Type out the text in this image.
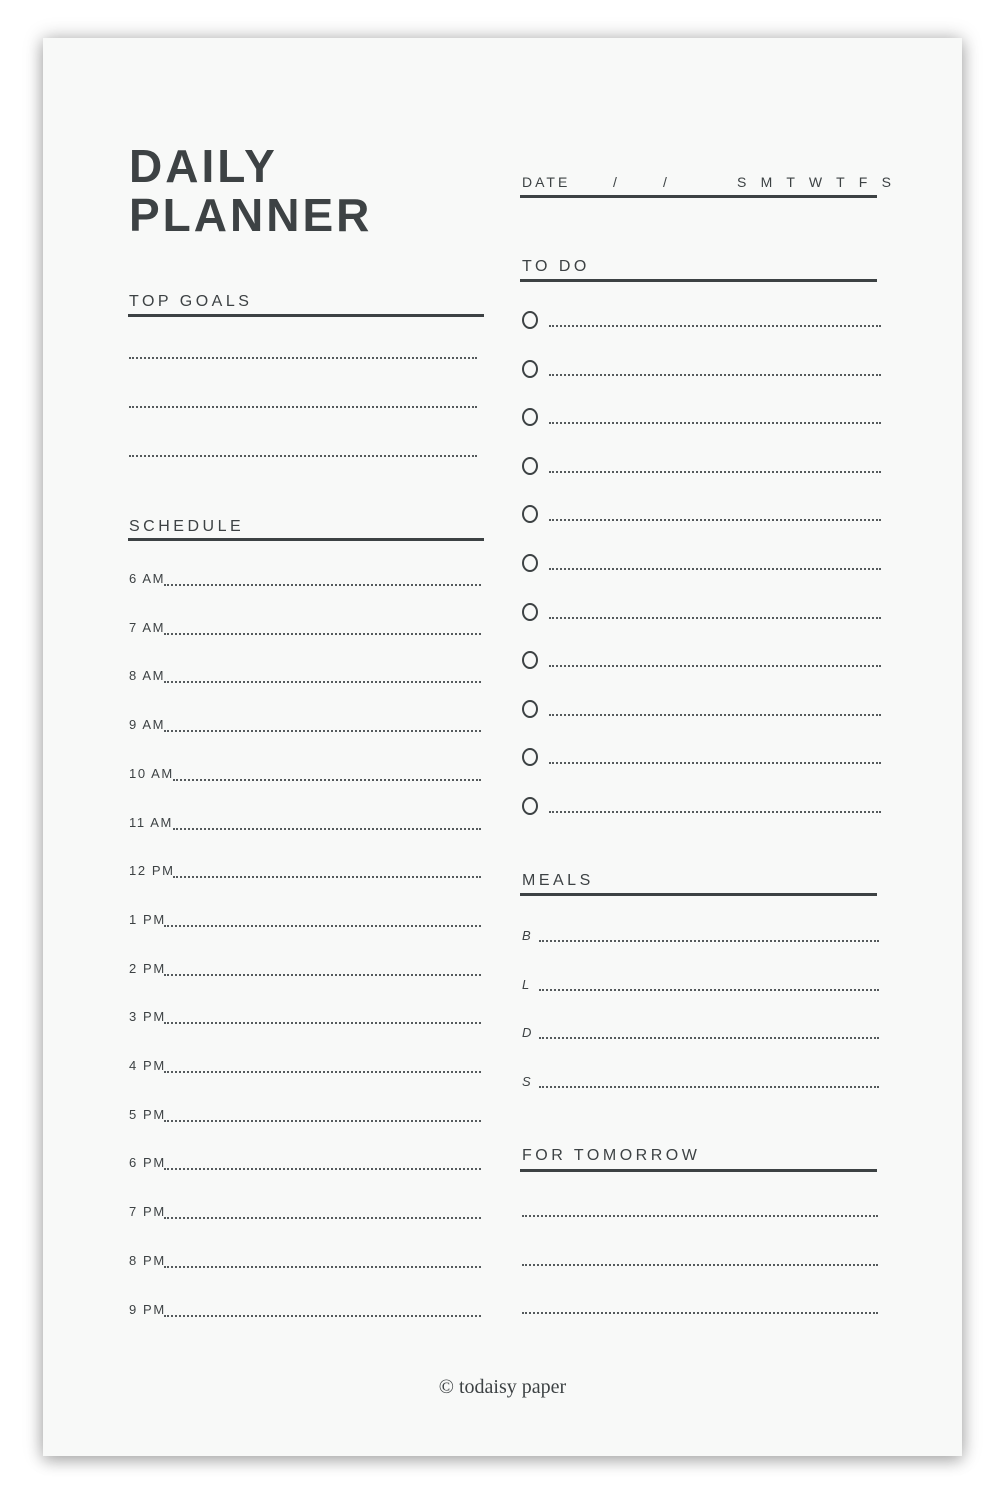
DAILY
PLANNER
DATE	/	/	S M T W T F S
TOP GOALS
SCHEDULE
6 AM
7 AM
8 AM
9 AM
10 AM
11 AM
12 PM
1 PM
2 PM
3 PM
4 PM
5 PM
6 PM
7 PM
8 PM
9 PM
TO DO
MEALS
B
L
D
S
FOR TOMORROW
© todaisy paper
